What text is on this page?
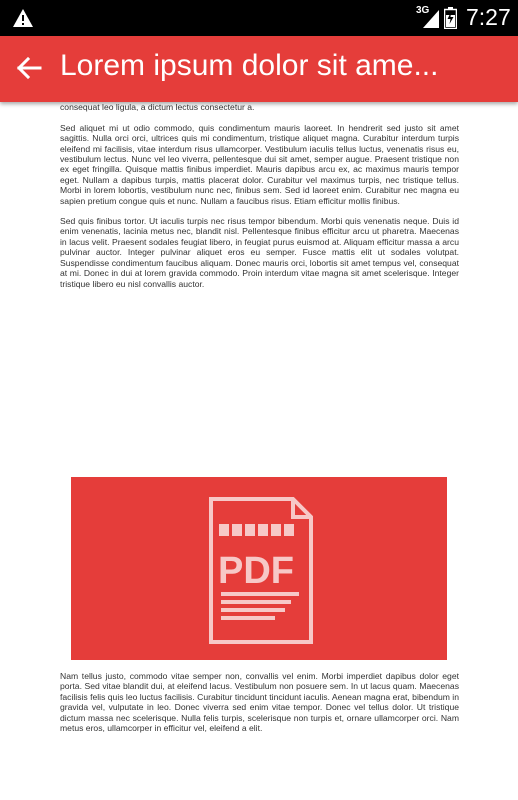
3G 7:27
Lorem ipsum dolor sit ame...

consequat leo ligula, a dictum lectus consectetur a.

Sed aliquet mi ut odio commodo, quis condimentum mauris laoreet. In hendrerit sed justo sit amet sagittis. Nulla orci orci, ultrices quis mi condimentum, tristique aliquet magna. Curabitur interdum turpis eleifend mi facilisis, vitae interdum risus ullamcorper. Vestibulum iaculis tellus luctus, venenatis risus eu, vestibulum lectus. Nunc vel leo viverra, pellentesque dui sit amet, semper augue. Praesent tristique non ex eget fringilla. Quisque mattis finibus imperdiet. Mauris dapibus arcu ex, ac maximus mauris tempor eget. Nullam a dapibus turpis, mattis placerat dolor. Curabitur vel maximus turpis, nec tristique tellus. Morbi in lorem lobortis, vestibulum nunc nec, finibus sem. Sed id laoreet enim. Curabitur nec magna eu sapien pretium congue quis et nunc. Nullam a faucibus risus. Etiam efficitur mollis finibus.

Sed quis finibus tortor. Ut iaculis turpis nec risus tempor bibendum. Morbi quis venenatis neque. Duis id enim venenatis, lacinia metus nec, blandit nisl. Pellentesque finibus efficitur arcu ut pharetra. Maecenas in lacus velit. Praesent sodales feugiat libero, in feugiat purus euismod at. Aliquam efficitur massa a arcu pulvinar auctor. Integer pulvinar aliquet eros eu semper. Fusce mattis elit ut sodales volutpat. Suspendisse condimentum faucibus aliquam. Donec mauris orci, lobortis sit amet tempus vel, consequat at mi. Donec in dui at lorem gravida commodo. Proin interdum vitae magna sit amet scelerisque. Integer tristique libero eu nisl convallis auctor.

PDF

Nam tellus justo, commodo vitae semper non, convallis vel enim. Morbi imperdiet dapibus dolor eget porta. Sed vitae blandit dui, at eleifend lacus. Vestibulum non posuere sem. In ut lacus quam. Maecenas facilisis felis quis leo luctus facilisis. Curabitur tincidunt tincidunt iaculis. Aenean magna erat, bibendum in gravida vel, vulputate in leo. Donec viverra sed enim vitae tempor. Donec vel tellus dolor. Ut tristique dictum massa nec scelerisque. Nulla felis turpis, scelerisque non turpis et, ornare ullamcorper orci. Nam metus eros, ullamcorper in efficitur vel, eleifend a elit.
